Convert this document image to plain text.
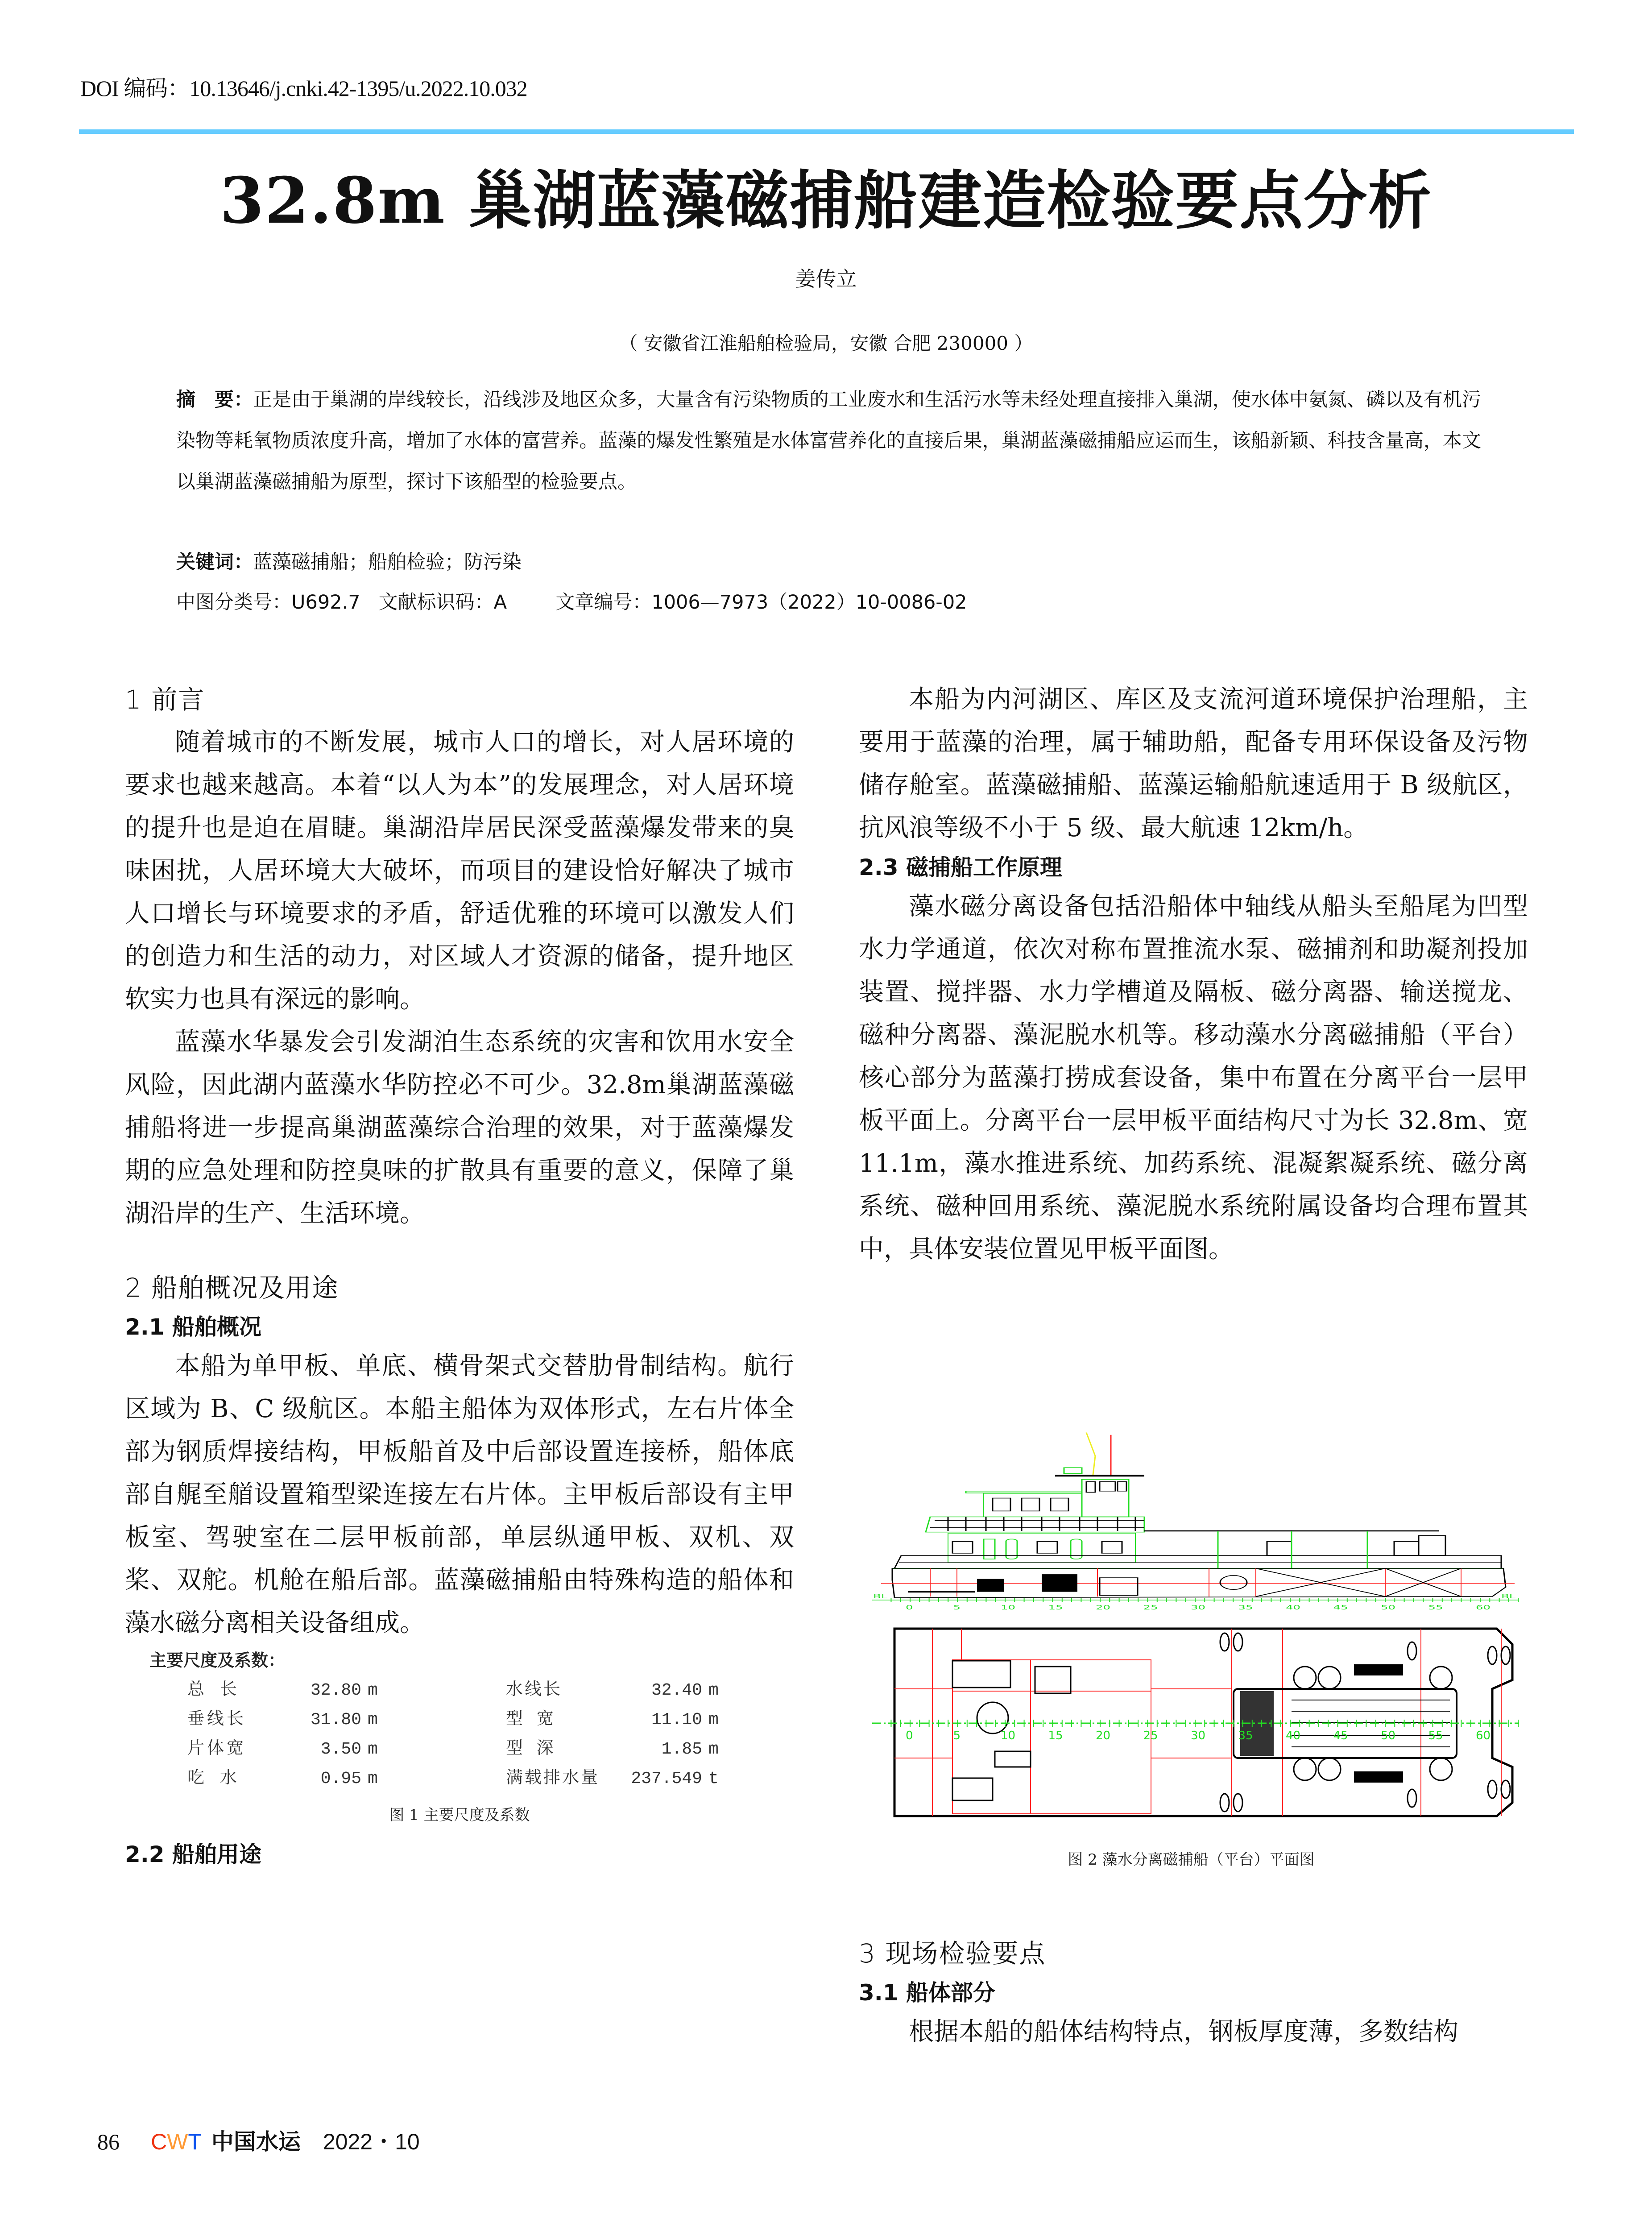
DOI 编码：10.13646/j.cnki.42-1395/u.2022.10.032
32.8m 巢湖蓝藻磁捕船建造检验要点分析
姜传立
（ 安徽省江淮船舶检验局，安徽 合肥 230000 ）
摘　要：正是由于巢湖的岸线较长，沿线涉及地区众多，大量含有污染物质的工业废水和生活污水等未经处理直接排入巢湖，使水体中氨氮、磷以及有机污染物等耗氧物质浓度升高，增加了水体的富营养。蓝藻的爆发性繁殖是水体富营养化的直接后果，巢湖蓝藻磁捕船应运而生，该船新颖、科技含量高，本文以巢湖蓝藻磁捕船为原型，探讨下该船型的检验要点。
关键词：蓝藻磁捕船；船舶检验；防污染
中图分类号：U692.7   文献标识码：A        文章编号：1006—7973（2022）10-0086-02
1 前言

随着城市的不断发展，城市人口的增长，对人居环境的要求也越来越高。本着“以人为本”的发展理念，对人居环境的提升也是迫在眉睫。巢湖沿岸居民深受蓝藻爆发带来的臭味困扰，人居环境大大破坏，而项目的建设恰好解决了城市人口增长与环境要求的矛盾，舒适优雅的环境可以激发人们的创造力和生活的动力，对区域人才资源的储备，提升地区软实力也具有深远的影响。

蓝藻水华暴发会引发湖泊生态系统的灾害和饮用水安全风险，因此湖内蓝藻水华防控必不可少。32.8m巢湖蓝藻磁捕船将进一步提高巢湖蓝藻综合治理的效果，对于蓝藻爆发期的应急处理和防控臭味的扩散具有重要的意义，保障了巢湖沿岸的生产、生活环境。

2 船舶概况及用途
2.1 船舶概况

本船为单甲板、单底、横骨架式交替肋骨制结构。航行区域为 B、C 级航区。本船主船体为双体形式，左右片体全部为钢质焊接结构，甲板船首及中后部设置连接桥，船体底部自艉至艏设置箱型梁连接左右片体。主甲板后部设有主甲板室、驾驶室在二层甲板前部，单层纵通甲板、双机、双桨、双舵。机舱在船后部。蓝藻磁捕船由特殊构造的船体和藻水磁分离相关设备组成。

主要尺度及系数：
总 长	32.80	m		水线长	32.40	m
垂线长	31.80	m		型 宽	11.10	m
片体宽	3.50	m		型 深	1.85	m
吃 水	0.95	m		满载排水量	237.549	t
图 1 主要尺度及系数
2.2 船舶用途

本船为内河湖区、库区及支流河道环境保护治理船，主要用于蓝藻的治理，属于辅助船，配备专用环保设备及污物储存舱室。蓝藻磁捕船、蓝藻运输船航速适用于 B 级航区，抗风浪等级不小于 5 级、最大航速 12km/h。

2.3 磁捕船工作原理

藻水磁分离设备包括沿船体中轴线从船头至船尾为凹型水力学通道，依次对称布置推流水泵、磁捕剂和助凝剂投加装置、搅拌器、水力学槽道及隔板、磁分离器、输送搅龙、磁种分离器、藻泥脱水机等。移动藻水分离磁捕船（平台）核心部分为蓝藻打捞成套设备，集中布置在分离平台一层甲板平面上。分离平台一层甲板平面结构尺寸为长 32.8m、宽 11.1m，藻水推进系统、加药系统、混凝絮凝系统、磁分离系统、磁种回用系统、藻泥脱水系统附属设备均合理布置其中，具体安装位置见甲板平面图。

0	5	10	15	20	25	30	35	40	45	50	55	60
BL	BL
0	5	10	15	20	25	30	35	40	45	50	55	60
图 2 藻水分离磁捕船（平台）平面图
3 现场检验要点
3.1 船体部分

根据本船的船体结构特点，钢板厚度薄，多数结构

86 CWT 中国水运 2022・10
